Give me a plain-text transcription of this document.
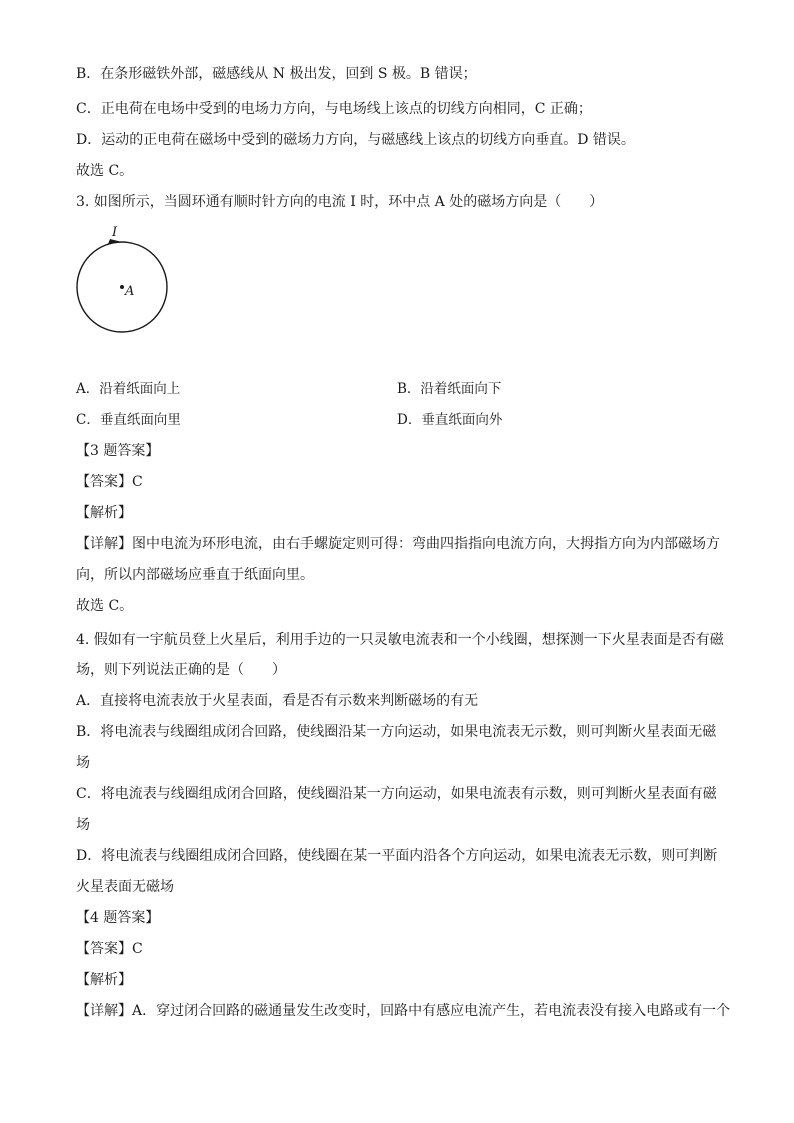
B．在条形磁铁外部，磁感线从 N 极出发，回到 S 极。B 错误；
C．正电荷在电场中受到的电场力方向，与电场线上该点的切线方向相同，C 正确；
D．运动的正电荷在磁场中受到的磁场力方向，与磁感线上该点的切线方向垂直。D 错误。
故选 C。
3. 如图所示，当圆环通有顺时针方向的电流 I 时，环中点 A 处的磁场方向是（　　）
I
A
A．沿着纸面向上	B．沿着纸面向下
C．垂直纸面向里	D．垂直纸面向外
【3 题答案】
【答案】C
【解析】
【详解】图中电流为环形电流，由右手螺旋定则可得：弯曲四指指向电流方向，大拇指方向为内部磁场方
向，所以内部磁场应垂直于纸面向里。
故选 C。
4. 假如有一宇航员登上火星后，利用手边的一只灵敏电流表和一个小线圈，想探测一下火星表面是否有磁
场，则下列说法正确的是（　　）
A．直接将电流表放于火星表面，看是否有示数来判断磁场的有无
B．将电流表与线圈组成闭合回路，使线圈沿某一方向运动，如果电流表无示数，则可判断火星表面无磁
场
C．将电流表与线圈组成闭合回路，使线圈沿某一方向运动，如果电流表有示数，则可判断火星表面有磁
场
D．将电流表与线圈组成闭合回路，使线圈在某一平面内沿各个方向运动，如果电流表无示数，则可判断
火星表面无磁场
【4 题答案】
【答案】C
【解析】
【详解】A．穿过闭合回路的磁通量发生改变时，回路中有感应电流产生，若电流表没有接入电路或有一个
